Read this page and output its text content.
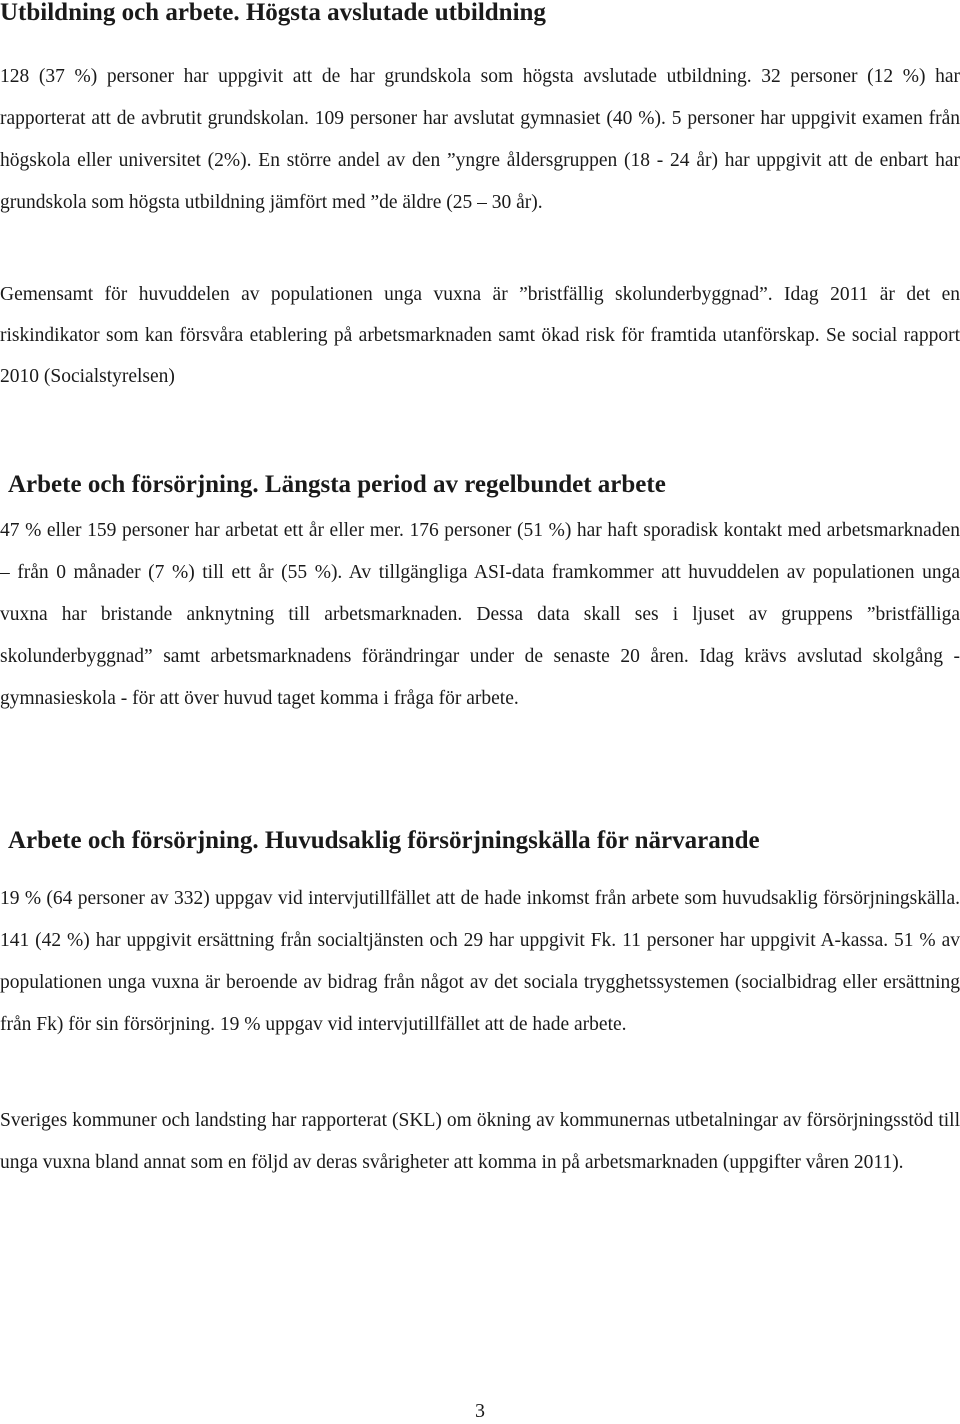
Utbildning och arbete. Högsta avslutade utbildning

128 (37 %) personer har uppgivit att de har grundskola som högsta avslutade utbildning. 32 personer (12 %) har rapporterat att de avbrutit grundskolan. 109 personer har avslutat gymnasiet (40 %). 5 personer har uppgivit examen från högskola eller universitet (2%). En större andel av den ”yngre åldersgruppen (18 - 24 år) har uppgivit att de enbart har grundskola som högsta utbildning jämfört med ”de äldre (25 – 30 år).

Gemensamt för huvuddelen av populationen unga vuxna är ”bristfällig skolunderbyggnad”. Idag 2011 är det en riskindikator som kan försvåra etablering på arbetsmarknaden samt ökad risk för framtida utanförskap. Se social rapport 2010 (Socialstyrelsen)

Arbete och försörjning. Längsta period av regelbundet arbete

47 % eller 159 personer har arbetat ett år eller mer. 176 personer (51 %) har haft sporadisk kontakt med arbetsmarknaden – från 0 månader (7 %) till ett år (55 %). Av tillgängliga ASI-data framkommer att huvuddelen av populationen unga vuxna har bristande anknytning till arbetsmarknaden. Dessa data skall ses i ljuset av gruppens ”bristfälliga skolunderbyggnad” samt arbetsmarknadens förändringar under de senaste 20 åren. Idag krävs avslutad skolgång - gymnasieskola - för att över huvud taget komma i fråga för arbete.

Arbete och försörjning. Huvudsaklig försörjningskälla för närvarande

19 % (64 personer av 332) uppgav vid intervjutillfället att de hade inkomst från arbete som huvudsaklig försörjningskälla. 141 (42 %) har uppgivit ersättning från socialtjänsten och 29 har uppgivit Fk. 11 personer har uppgivit A-kassa. 51 % av populationen unga vuxna är beroende av bidrag från något av det sociala trygghetssystemen (socialbidrag eller ersättning från Fk) för sin försörjning. 19 % uppgav vid intervjutillfället att de hade arbete.

Sveriges kommuner och landsting har rapporterat (SKL) om ökning av kommunernas utbetalningar av försörjningsstöd till unga vuxna bland annat som en följd av deras svårigheter att komma in på arbetsmarknaden (uppgifter våren 2011).

3
